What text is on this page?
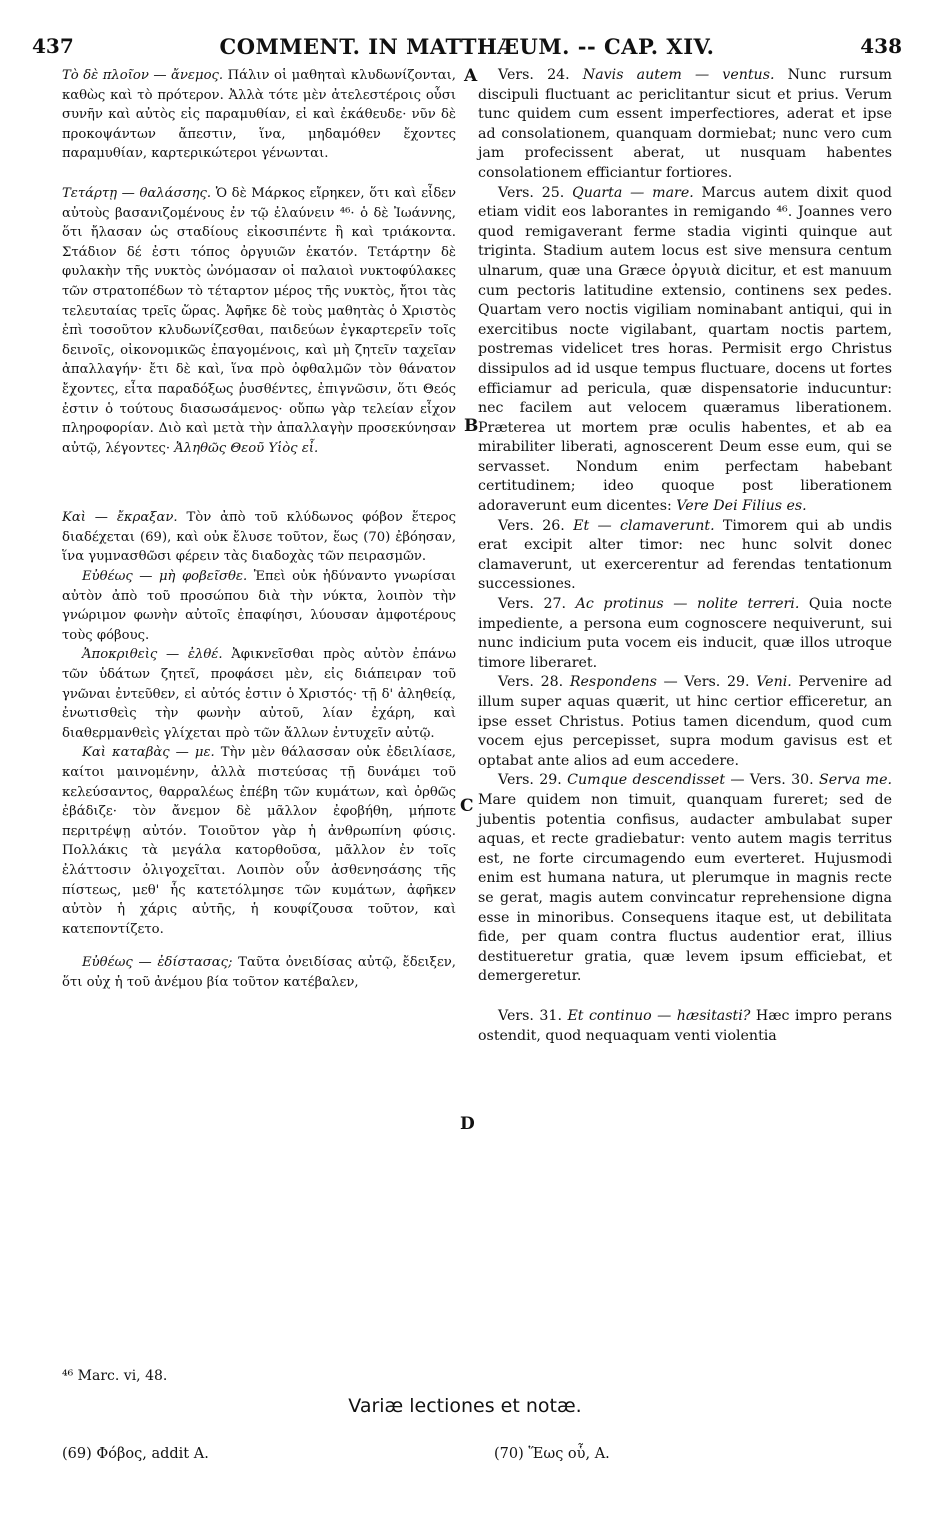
437	COMMENT. IN MATTHÆUM. -- CAP. XIV.	438

Τὸ δὲ πλοῖον — ἄνεμος. Πάλιν οἱ μαθηταὶ κλυδωνίζονται, καθὼς καὶ τὸ πρότερον. Ἀλλὰ τότε μὲν ἀτελεστέροις οὖσι συνῆν καὶ αὐτὸς εἰς παραμυθίαν, εἰ καὶ ἐκάθευδε· νῦν δὲ προκοψάντων ἄπεστιν, ἵνα, μηδαμόθεν ἔχοντες παραμυθίαν, καρτερικώτεροι γένωνται.

Τετάρτῃ — θαλάσσης. Ὁ δὲ Μάρκος εἴρηκεν, ὅτι καὶ εἶδεν αὐτοὺς βασανιζομένους ἐν τῷ ἐλαύνειν ⁴⁶· ὁ δὲ Ἰωάννης, ὅτι ἤλασαν ὡς σταδίους εἰκοσιπέντε ἢ καὶ τριάκοντα. Στάδιον δέ ἐστι τόπος ὀργυιῶν ἑκατόν. Τετάρτην δὲ φυλακὴν τῆς νυκτὸς ὠνόμασαν οἱ παλαιοὶ νυκτοφύλακες τῶν στρατοπέδων τὸ τέταρτον μέρος τῆς νυκτὸς, ἤτοι τὰς τελευταίας τρεῖς ὥρας. Ἀφῆκε δὲ τοὺς μαθητὰς ὁ Χριστὸς ἐπὶ τοσοῦτον κλυδωνίζεσθαι, παιδεύων ἐγκαρτερεῖν τοῖς δεινοῖς, οἰκονομικῶς ἐπαγομένοις, καὶ μὴ ζητεῖν ταχεῖαν ἀπαλλαγήν· ἔτι δὲ καὶ, ἵνα πρὸ ὀφθαλμῶν τὸν θάνατον ἔχοντες, εἶτα παραδόξως ῥυσθέντες, ἐπιγνῶσιν, ὅτι Θεός ἐστιν ὁ τούτους διασωσάμενος· οὔπω γὰρ τελείαν εἶχον πληροφορίαν. Διὸ καὶ μετὰ τὴν ἀπαλλαγὴν προσεκύνησαν αὐτῷ, λέγοντες· Ἀληθῶς Θεοῦ Υἱὸς εἶ.

Καὶ — ἔκραξαν. Τὸν ἀπὸ τοῦ κλύδωνος φόβον ἕτερος διαδέχεται (69), καὶ οὐκ ἔλυσε τοῦτον, ἕως (70) ἐβόησαν, ἵνα γυμνασθῶσι φέρειν τὰς διαδοχὰς τῶν πειρασμῶν.

Εὐθέως — μὴ φοβεῖσθε. Ἐπεὶ οὐκ ἠδύναντο γνωρίσαι αὐτὸν ἀπὸ τοῦ προσώπου διὰ τὴν νύκτα, λοιπὸν τὴν γνώριμον φωνὴν αὐτοῖς ἐπαφίησι, λύουσαν ἀμφοτέρους τοὺς φόβους.

Ἀποκριθεὶς — ἐλθέ. Ἀφικνεῖσθαι πρὸς αὐτὸν ἐπάνω τῶν ὑδάτων ζητεῖ, προφάσει μὲν, εἰς διάπειραν τοῦ γνῶναι ἐντεῦθεν, εἰ αὐτός ἐστιν ὁ Χριστός· τῇ δ' ἀληθείᾳ, ἐνωτισθεὶς τὴν φωνὴν αὐτοῦ, λίαν ἐχάρη, καὶ διαθερμανθεὶς γλίχεται πρὸ τῶν ἄλλων ἐντυχεῖν αὐτῷ.

Καὶ καταβὰς — με. Τὴν μὲν θάλασσαν οὐκ ἐδειλίασε, καίτοι μαινομένην, ἀλλὰ πιστεύσας τῇ δυνάμει τοῦ κελεύσαντος, θαρραλέως ἐπέβη τῶν κυμάτων, καὶ ὀρθῶς ἐβάδιζε· τὸν ἄνεμον δὲ μᾶλλον ἐφοβήθη, μήποτε περιτρέψῃ αὐτόν. Τοιοῦτον γὰρ ἡ ἀνθρωπίνη φύσις. Πολλάκις τὰ μεγάλα κατορθοῦσα, μᾶλλον ἐν τοῖς ἐλάττοσιν ὀλιγοχεῖται. Λοιπὸν οὖν ἀσθενησάσης τῆς πίστεως, μεθ' ἧς κατετόλμησε τῶν κυμάτων, ἀφῆκεν αὐτὸν ἡ χάρις αὐτῆς, ἡ κουφίζουσα τοῦτον, καὶ κατεποντίζετο.

Εὐθέως — ἐδίστασας; Ταῦτα ὀνειδίσας αὐτῷ, ἔδειξεν, ὅτι οὐχ ἡ τοῦ ἀνέμου βία τοῦτον κατέβαλεν,

Vers. 24. Navis autem — ventus. Nunc rursum discipuli fluctuant ac periclitantur sicut et prius. Verum tunc quidem cum essent imperfectiores, aderat et ipse ad consolationem, quanquam dormiebat; nunc vero cum jam profecissent aberat, ut nusquam habentes consolationem efficiantur fortiores.

Vers. 25. Quarta — mare. Marcus autem dixit quod etiam vidit eos laborantes in remigando ⁴⁶. Joannes vero quod remigaverant ferme stadia viginti quinque aut triginta. Stadium autem locus est sive mensura centum ulnarum, quæ una Græce ὀργυιὰ dicitur, et est manuum cum pectoris latitudine extensio, continens sex pedes. Quartam vero noctis vigiliam nominabant antiqui, qui in exercitibus nocte vigilabant, quartam noctis partem, postremas videlicet tres horas. Permisit ergo Christus dissipulos ad id usque tempus fluctuare, docens ut fortes efficiamur ad pericula, quæ dispensatorie inducuntur: nec facilem aut velocem quæramus liberationem. Præterea ut mortem præ oculis habentes, et ab ea mirabiliter liberati, agnoscerent Deum esse eum, qui se servasset. Nondum enim perfectam habebant certitudinem; ideo quoque post liberationem adoraverunt eum dicentes: Vere Dei Filius es.

Vers. 26. Et — clamaverunt. Timorem qui ab undis erat excipit alter timor: nec hunc solvit donec clamaverunt, ut exercerentur ad ferendas tentationum successiones.

Vers. 27. Ac protinus — nolite terreri. Quia nocte impediente, a persona eum cognoscere nequiverunt, sui nunc indicium puta vocem eis inducit, quæ illos utroque timore liberaret.

Vers. 28. Respondens — Vers. 29. Veni. Pervenire ad illum super aquas quærit, ut hinc certior efficeretur, an ipse esset Christus. Potius tamen dicendum, quod cum vocem ejus percepisset, supra modum gavisus est et optabat ante alios ad eum accedere.

Vers. 29. Cumque descendisset — Vers. 30. Serva me. Mare quidem non timuit, quanquam fureret; sed de jubentis potentia confisus, audacter ambulabat super aquas, et recte gradiebatur: vento autem magis territus est, ne forte circumagendo eum everteret. Hujusmodi enim est humana natura, ut plerumque in magnis recte se gerat, magis autem convincatur reprehensione digna esse in minoribus. Consequens itaque est, ut debilitata fide, per quam contra fluctus audentior erat, illius destitueretur gratia, quæ levem ipsum efficiebat, et demergeretur.

Vers. 31. Et continuo — hæsitasti? Hæc impro perans ostendit, quod nequaquam venti violentia

A
B
C
D
⁴⁶ Marc. vi, 48.
Variæ lectiones et notæ.
(69) Φόβος, addit A.	(70) Ἕως οὗ, A.
